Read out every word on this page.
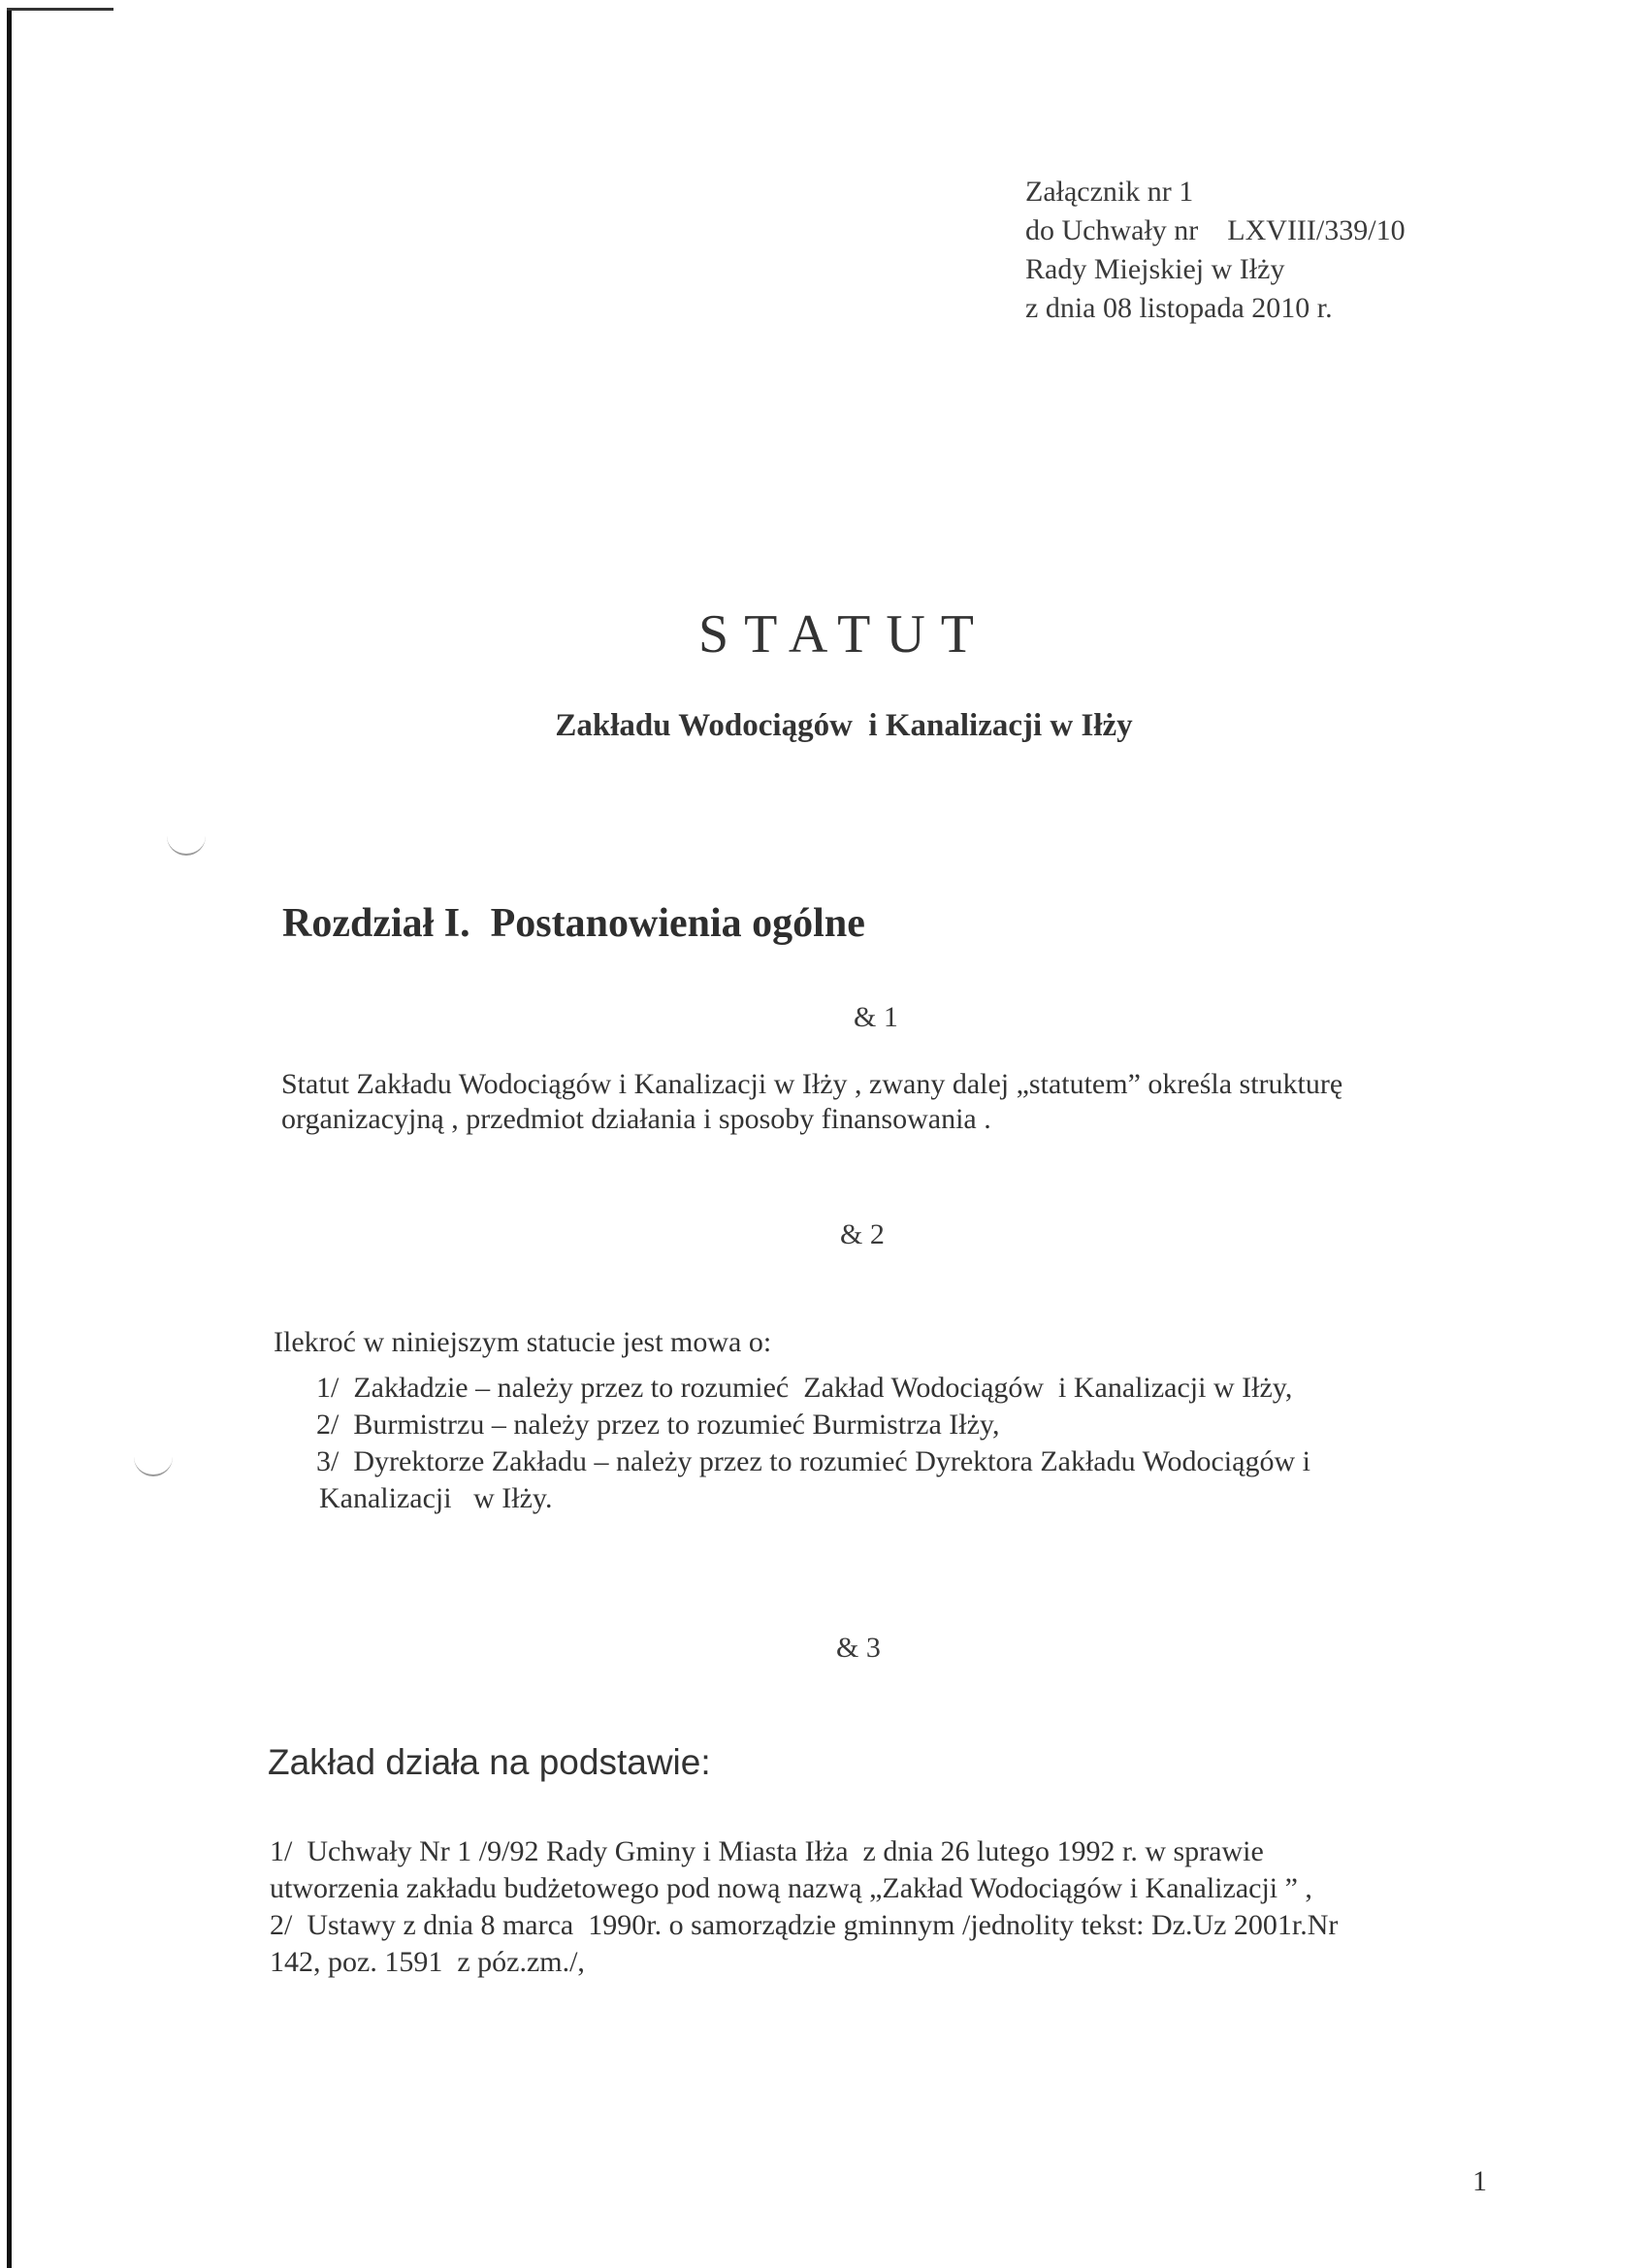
Załącznik nr 1
do Uchwały nr    LXVIII/339/10
Rady Miejskiej w Iłży
z dnia 08 listopada 2010 r.
STATUT
Zakładu Wodociągów  i Kanalizacji w Iłży
Rozdział I.  Postanowienia ogólne
& 1
Statut Zakładu Wodociągów i Kanalizacji w Iłży , zwany dalej „statutem” określa strukturę
organizacyjną , przedmiot działania i sposoby finansowania .
& 2
Ilekroć w niniejszym statucie jest mowa o:
1/  Zakładzie – należy przez to rozumieć  Zakład Wodociągów  i Kanalizacji w Iłży,
2/  Burmistrzu – należy przez to rozumieć Burmistrza Iłży,
3/  Dyrektorze Zakładu – należy przez to rozumieć Dyrektora Zakładu Wodociągów i
Kanalizacji   w Iłży.
& 3
Zakład działa na podstawie:
1/  Uchwały Nr 1 /9/92 Rady Gminy i Miasta Iłża  z dnia 26 lutego 1992 r. w sprawie
utworzenia zakładu budżetowego pod nową nazwą „Zakład Wodociągów i Kanalizacji ” ,
2/  Ustawy z dnia 8 marca  1990r. o samorządzie gminnym /jednolity tekst: Dz.Uz 2001r.Nr
142, poz. 1591  z póz.zm./,
1
